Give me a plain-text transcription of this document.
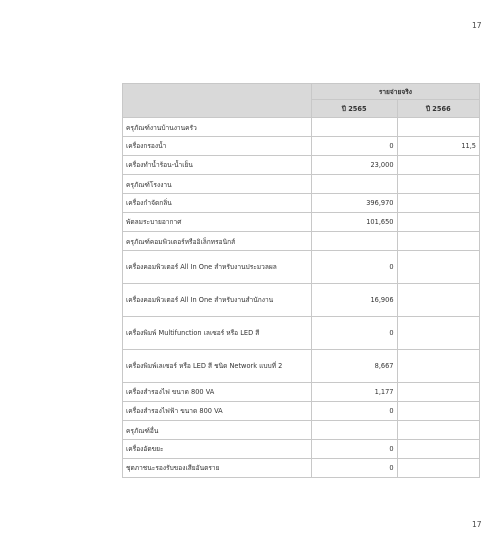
17
	รายจ่ายจริง	
	ปี 2565	ปี 2566
ครุภัณฑ์งานบ้านงานครัว		
เครื่องกรองน้ำ	0	11,5
เครื่องทำน้ำร้อน-น้ำเย็น	23,000	
ครุภัณฑ์โรงงาน		
เครื่องกำจัดกลิ่น	396,970	
พัดลมระบายอากาศ	101,650	
ครุภัณฑ์คอมพิวเตอร์หรืออิเล็กทรอนิกส์		
เครื่องคอมพิวเตอร์ All In One สำหรับงานประมวลผล	0	
เครื่องคอมพิวเตอร์ All In One สำหรับงานสำนักงาน	16,906	
เครื่องพิมพ์ Multifunction เลเซอร์ หรือ LED สี	0	
เครื่องพิมพ์เลเซอร์ หรือ LED สี ชนิด Network แบบที่ 2	8,667	
เครื่องสำรองไฟ ขนาด 800 VA	1,177	
เครื่องสำรองไฟฟ้า ขนาด 800 VA	0	
ครุภัณฑ์อื่น		
เครื่องอัดขยะ	0	
ชุดภาชนะรองรับของเสียอันตราย	0	
17
